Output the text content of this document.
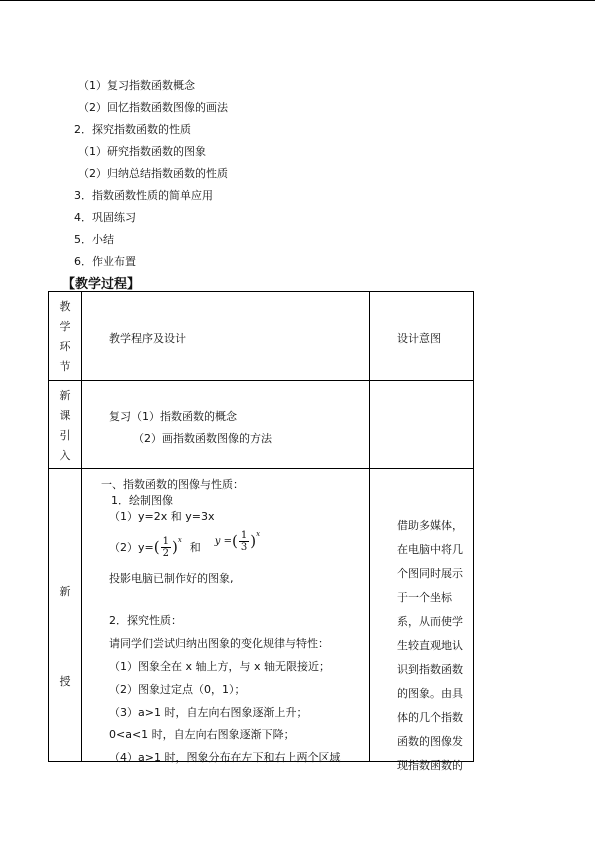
（1）复习指数函数概念
（2）回忆指数函数图像的画法
2．探究指数函数的性质
（1）研究指数函数的图象
（2）归纳总结指数函数的性质
3．指数函数性质的简单应用
4．巩固练习
5．小结
6．作业布置
【教学过程】
教
学
环
节
教学程序及设计	设计意图
新
课
引
入
复习（1）指数函数的概念
（2）画指数函数图像的方法
新
授
一、指数函数的图像与性质：
1．绘制图像
（1）y=2x 和 y=3x
（2）y= ( $\frac{1}{2}$ ) x
和 y = ( $\frac{1}{3}$ ) x
投影电脑已制作好的图象,
2．探究性质：
请同学们尝试归纳出图象的变化规律与特性：
（1）图象全在 x 轴上方，与 x 轴无限接近；
（2）图象过定点（0，1）；
（3）a>1 时，自左向右图象逐渐上升；
0<a<1 时，自左向右图象逐渐下降；
（4）a>1 时，图象分布在左下和右上两个区域
借助多媒体，在电脑中将几个图同时展示于一个坐标系，从而使学生较直观地认识到指数函数的图象。由具体的几个指数函数的图像发现指数函数的
